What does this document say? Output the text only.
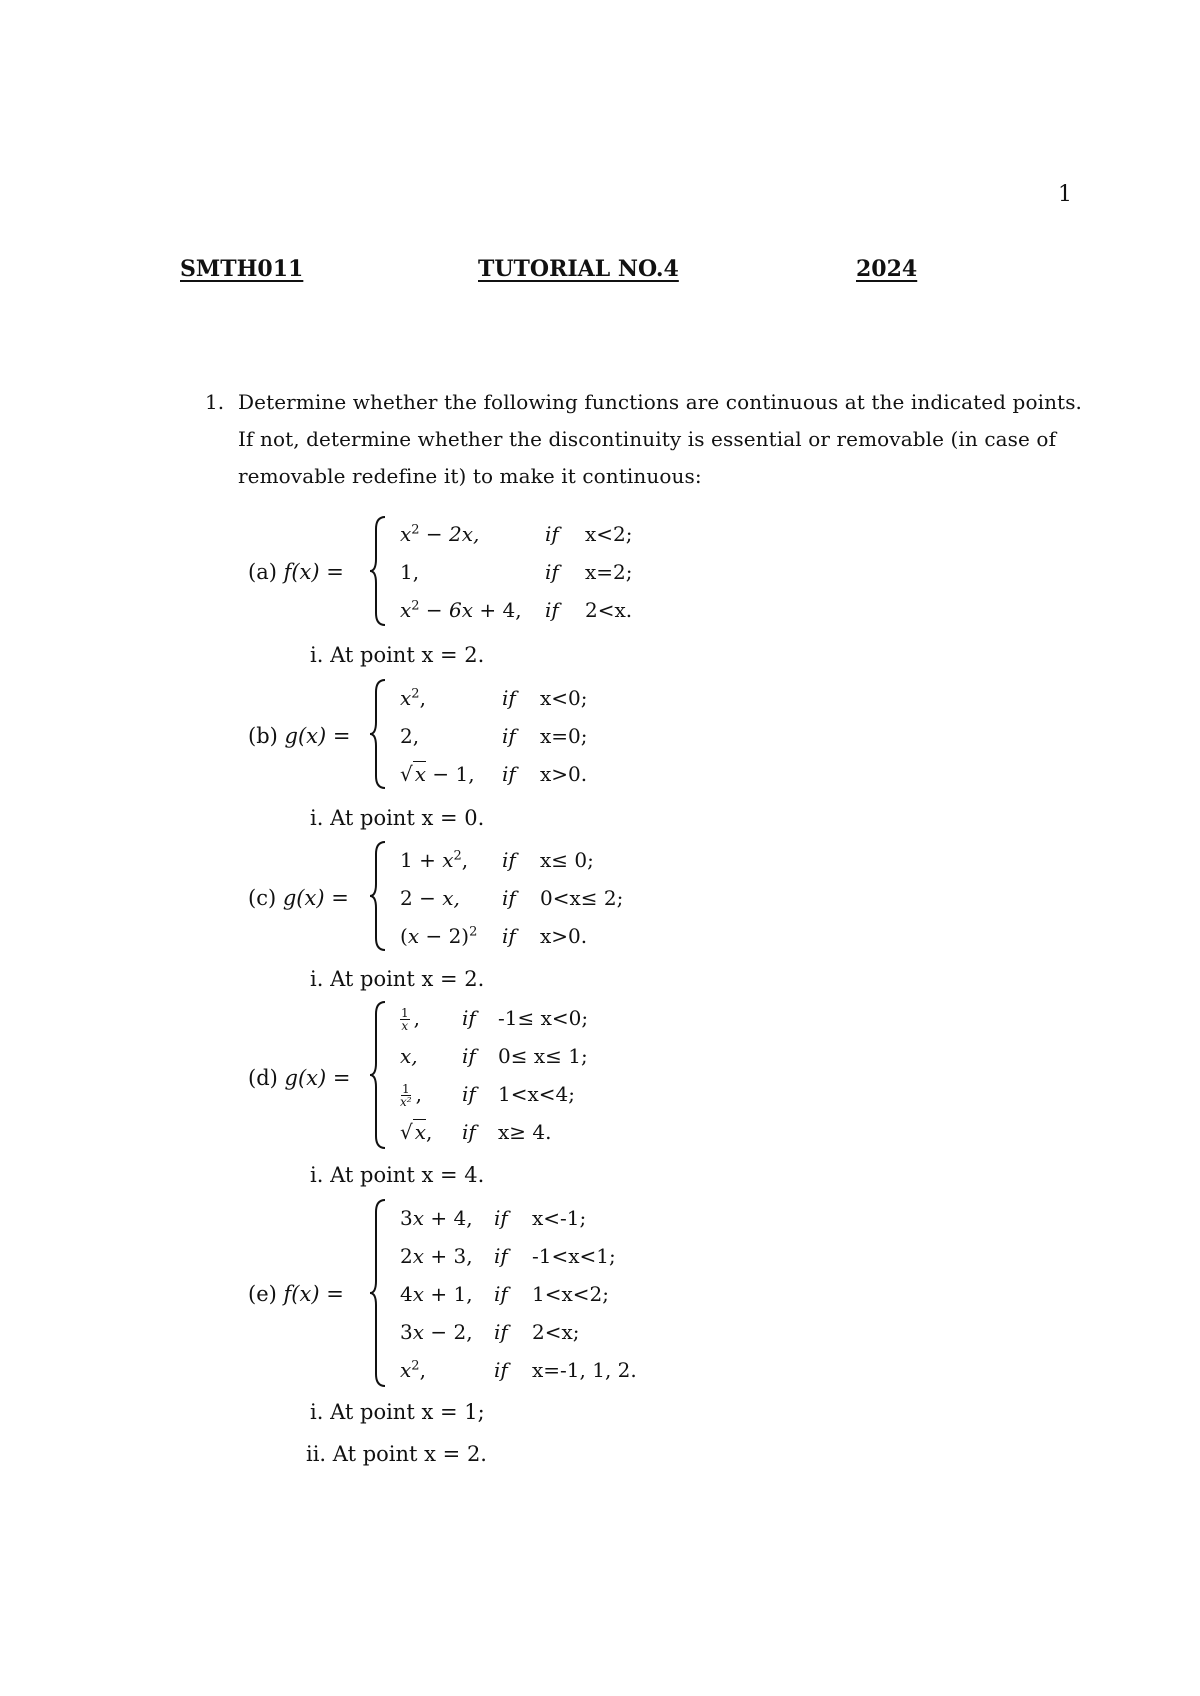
1
SMTH011	TUTORIAL NO.4	2024
1. Determine whether the following functions are continuous at the indicated points.
If not, determine whether the discontinuity is essential or removable (in case of
removable redefine it) to make it continuous:
(a) f(x) =
$x^2 - 2x$,
1,
$x^2 - 6x + 4$,
if
if
if
x<2;
x=2;
2<x.
i. At point x = 2.
(b) g(x) =
$x^2$,
2,
√ x − 1,
if
if
if
x<0;
x=0;
x>0.
i. At point x = 0.
(c) g(x) =
$1 + x^2$,
2 − x,
$(x - 2)^2$
if
if
if
x≤ 0;
0<x≤ 2;
x>0.
i. At point x = 2.
(d) g(x) =
$\frac{1}{x}$ ,
x,
$\frac{1}{\text{x²}}$ ,
√ x,
if
if
if
if
-1≤ x<0;
0≤ x≤ 1;
1<x<4;
x≥ 4.
i. At point x = 4.
(e) f(x) =
3x + 4,
2x + 3,
4x + 1,
3x − 2,
$x^2$,
if
if
if
if
if
x<-1;
-1<x<1;
1<x<2;
2<x;
x=-1, 1, 2.
i. At point x = 1;
ii. At point x = 2.
